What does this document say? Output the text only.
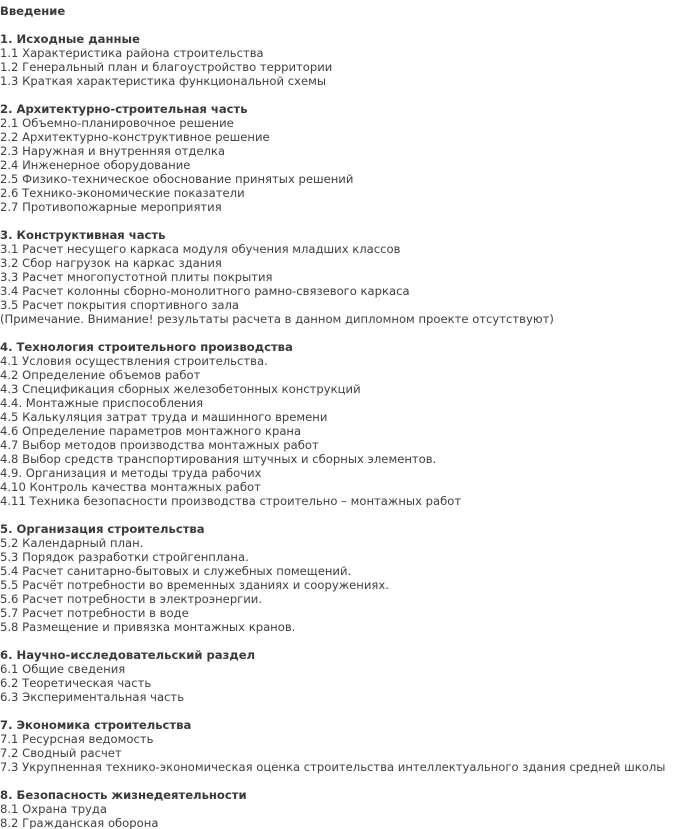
Введение
1. Исходные данные
1.1 Характеристика района строительства
1.2 Генеральный план и благоустройство территории
1.3 Краткая характеристика функциональной схемы
2. Архитектурно-строительная часть
2.1 Объемно-планировочное решение
2.2 Архитектурно-конструктивное решение
2.3 Наружная и внутренняя отделка
2.4 Инженерное оборудование
2.5 Физико-техническое обоснование принятых решений
2.6 Технико-экономические показатели
2.7 Противопожарные мероприятия
3. Конструктивная часть
3.1 Расчет несущего каркаса модуля обучения младших классов
3.2 Сбор нагрузок на каркас здания
3.3 Расчет многопустотной плиты покрытия
3.4 Расчет колонны сборно-монолитного рамно-связевого каркаса
3.5 Расчет покрытия спортивного зала
(Примечание. Внимание! результаты расчета в данном дипломном проекте отсутствуют)
4. Технология строительного производства
4.1 Условия осуществления строительства.
4.2 Определение объемов работ
4.3 Спецификация сборных железобетонных конструкций
4.4. Монтажные приспособления
4.5 Калькуляция затрат труда и машинного времени
4.6 Определение параметров монтажного крана
4.7 Выбор методов производства монтажных работ
4.8 Выбор средств транспортирования штучных и сборных элементов.
4.9. Организация и методы труда рабочих
4.10 Контроль качества монтажных работ
4.11 Техника безопасности производства строительно – монтажных работ
5. Организация строительства
5.2 Календарный план.
5.3 Порядок разработки стройгенплана.
5.4 Расчет санитарно-бытовых и служебных помещений.
5.5 Расчёт потребности во временных зданиях и сооружениях.
5.6 Расчет потребности в электроэнергии.
5.7 Расчет потребности в воде
5.8 Размещение и привязка монтажных кранов.
6. Научно-исследовательский раздел
6.1 Общие сведения
6.2 Теоретическая часть
6.3 Экспериментальная часть
7. Экономика строительства
7.1 Ресурсная ведомость
7.2 Сводный расчет
7.3 Укрупненная технико-экономическая оценка строительства интеллектуального здания средней школы
8. Безопасность жизнедеятельности
8.1 Охрана труда
8.2 Гражданская оборона
